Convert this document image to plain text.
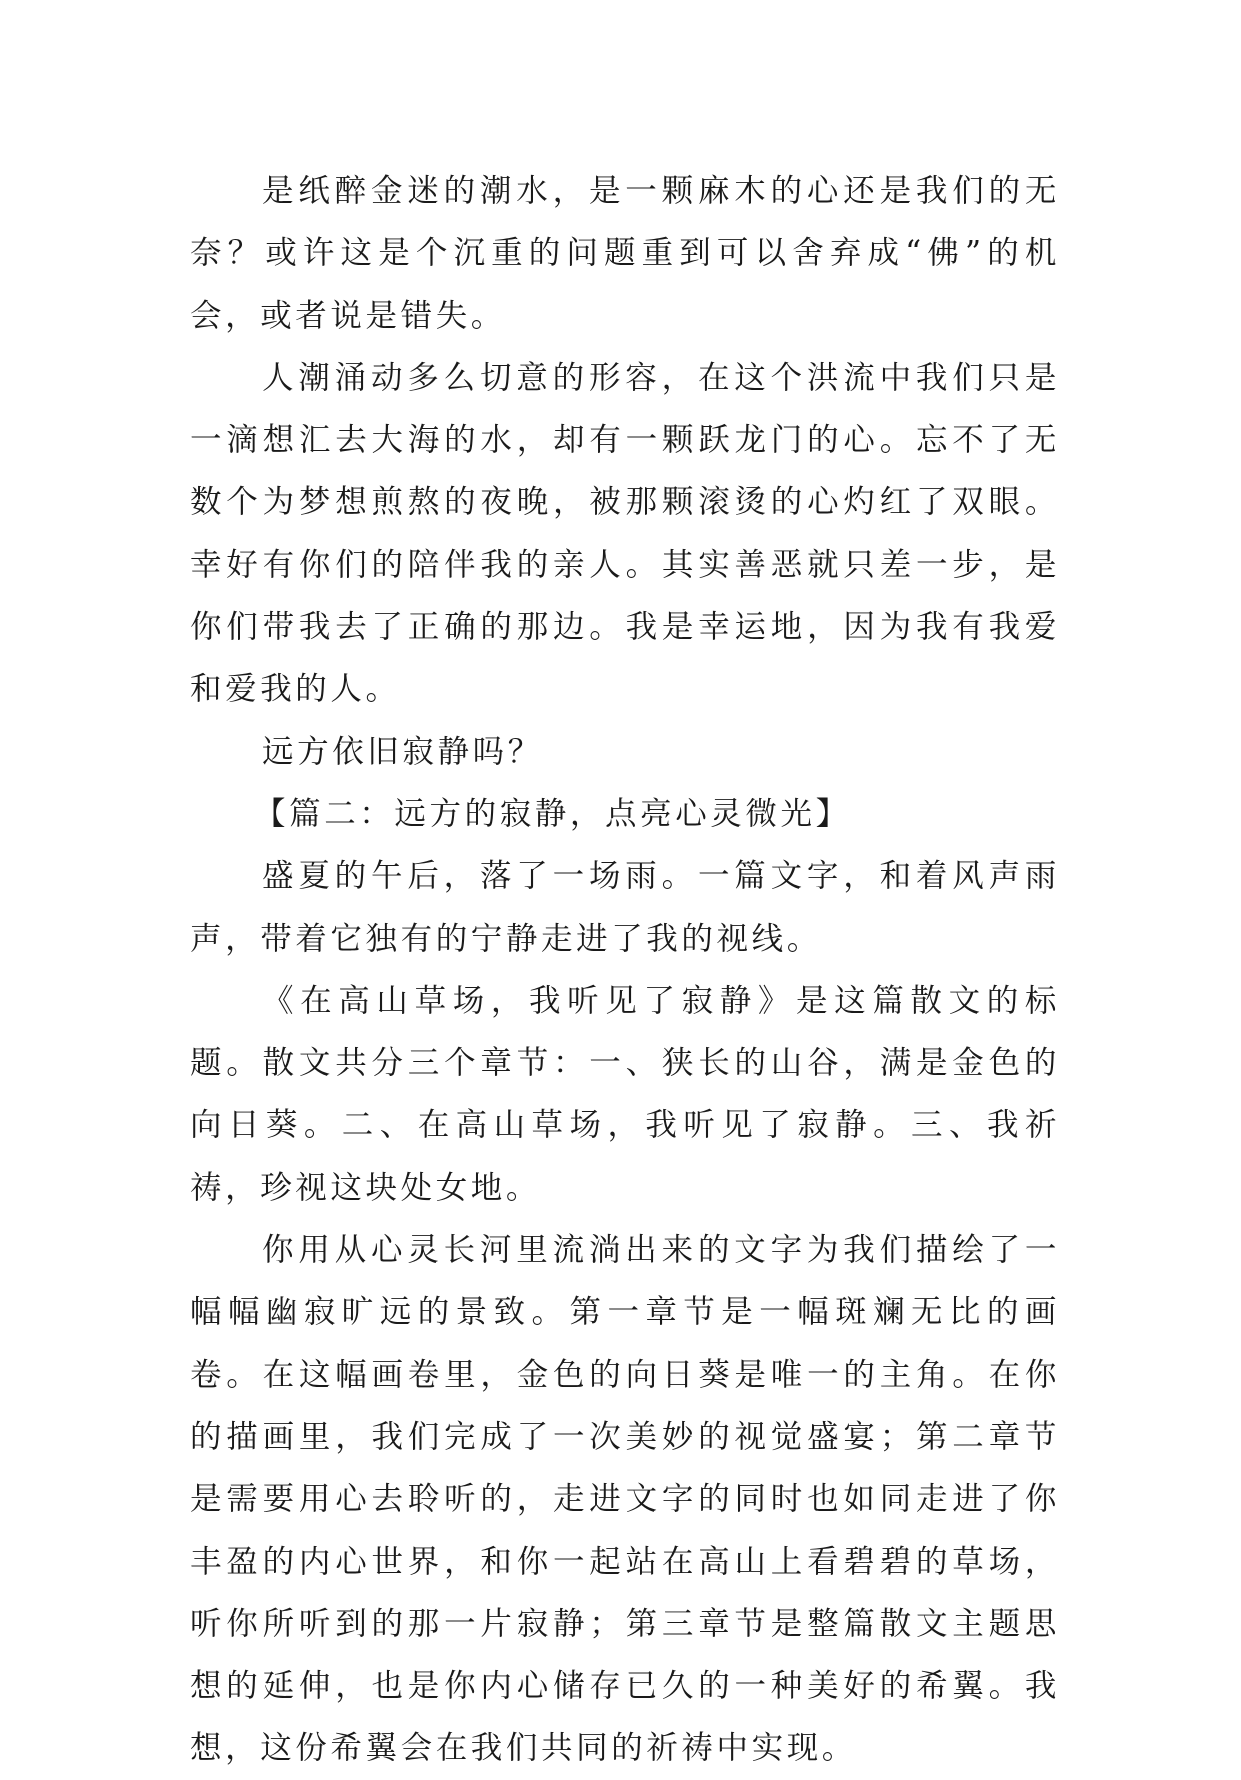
是纸醉金迷的潮水，是一颗麻木的心还是我们的无奈？或许这是个沉重的问题重到可以舍弃成“佛”的机会，或者说是错失。

人潮涌动多么切意的形容，在这个洪流中我们只是一滴想汇去大海的水，却有一颗跃龙门的心。忘不了无数个为梦想煎熬的夜晚，被那颗滚烫的心灼红了双眼。幸好有你们的陪伴我的亲人。其实善恶就只差一步，是你们带我去了正确的那边。我是幸运地，因为我有我爱和爱我的人。

远方依旧寂静吗？

【篇二：远方的寂静，点亮心灵微光】

盛夏的午后，落了一场雨。一篇文字，和着风声雨声，带着它独有的宁静走进了我的视线。

《在高山草场，我听见了寂静》是这篇散文的标题。散文共分三个章节：一、狭长的山谷，满是金色的向日葵。二、在高山草场，我听见了寂静。三、我祈祷，珍视这块处女地。

你用从心灵长河里流淌出来的文字为我们描绘了一幅幅幽寂旷远的景致。第一章节是一幅斑斓无比的画卷。在这幅画卷里，金色的向日葵是唯一的主角。在你的描画里，我们完成了一次美妙的视觉盛宴；第二章节是需要用心去聆听的，走进文字的同时也如同走进了你丰盈的内心世界，和你一起站在高山上看碧碧的草场，听你所听到的那一片寂静；第三章节是整篇散文主题思想的延伸，也是你内心储存已久的一种美好的希翼。我想，这份希翼会在我们共同的祈祷中实现。
